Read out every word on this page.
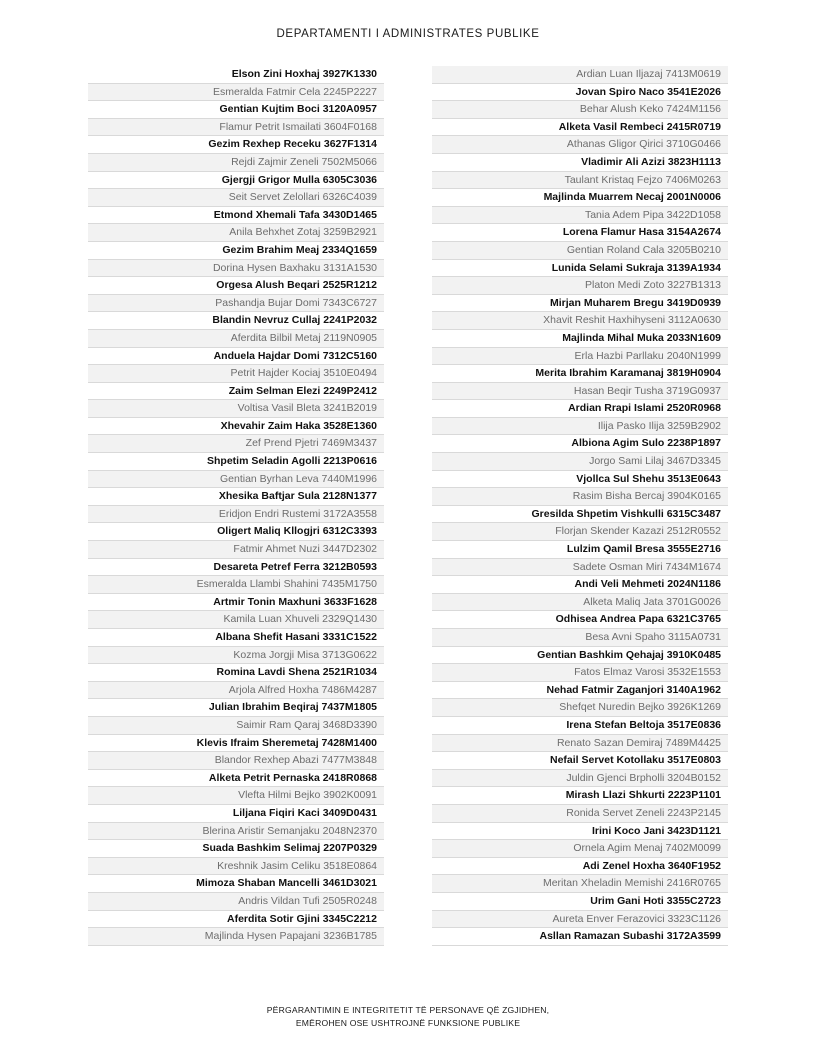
DEPARTAMENTI I ADMINISTRATES PUBLIKE
Elson Zini Hoxhaj 3927K1330
Esmeralda Fatmir Cela 2245P2227
Gentian Kujtim Boci 3120A0957
Flamur Petrit Ismailati 3604F0168
Gezim Rexhep Receku 3627F1314
Rejdi Zajmir Zeneli 7502M5066
Gjergji Grigor Mulla 6305C3036
Seit Servet Zelollari 6326C4039
Etmond Xhemali Tafa 3430D1465
Anila Behxhet Zotaj 3259B2921
Gezim Brahim Meaj 2334Q1659
Dorina Hysen Baxhaku 3131A1530
Orgesa Alush Beqari 2525R1212
Pashandja Bujar Domi 7343C6727
Blandin Nevruz Cullaj 2241P2032
Aferdita Bilbil Metaj 2119N0905
Anduela Hajdar Domi 7312C5160
Petrit Hajder Kociaj 3510E0494
Zaim Selman Elezi 2249P2412
Voltisa Vasil Bleta 3241B2019
Xhevahir Zaim Haka 3528E1360
Zef Prend Pjetri 7469M3437
Shpetim Seladin Agolli 2213P0616
Gentian Byrhan Leva 7440M1996
Xhesika Baftjar Sula 2128N1377
Eridjon Endri Rustemi 3172A3558
Oligert Maliq Kllogjri 6312C3393
Fatmir Ahmet Nuzi 3447D2302
Desareta Petref Ferra 3212B0593
Esmeralda Llambi Shahini 7435M1750
Artmir Tonin Maxhuni 3633F1628
Kamila Luan Xhuveli 2329Q1430
Albana Shefit Hasani 3331C1522
Kozma Jorgji Misa 3713G0622
Romina Lavdi Shena 2521R1034
Arjola Alfred Hoxha 7486M4287
Julian Ibrahim Beqiraj 7437M1805
Saimir Ram Qaraj 3468D3390
Klevis Ifraim Sheremetaj 7428M1400
Blandor Rexhep Abazi 7477M3848
Alketa Petrit Pernaska 2418R0868
Vlefta Hilmi Bejko 3902K0091
Liljana Fiqiri Kaci 3409D0431
Blerina Aristir Semanjaku 2048N2370
Suada Bashkim Selimaj 2207P0329
Kreshnik Jasim Celiku 3518E0864
Mimoza Shaban Mancelli 3461D3021
Andris Vildan Tufi 2505R0248
Aferdita Sotir Gjini 3345C2212
Majlinda Hysen Papajani 3236B1785
Ardian Luan Iljazaj 7413M0619
Jovan Spiro Naco 3541E2026
Behar Alush Keko 7424M1156
Alketa Vasil Rembeci 2415R0719
Athanas Gligor Qirici 3710G0466
Vladimir Ali Azizi 3823H1113
Taulant Kristaq Fejzo 7406M0263
Majlinda Muarrem Necaj 2001N0006
Tania Adem Pipa 3422D1058
Lorena Flamur Hasa 3154A2674
Gentian Roland Cala 3205B0210
Lunida Selami Sukraja 3139A1934
Platon Medi Zoto 3227B1313
Mirjan Muharem Bregu 3419D0939
Xhavit Reshit Haxhihyseni 3112A0630
Majlinda Mihal Muka 2033N1609
Erla Hazbi Parllaku 2040N1999
Merita Ibrahim Karamanaj 3819H0904
Hasan Beqir Tusha 3719G0937
Ardian Rrapi Islami 2520R0968
Ilija Pasko Ilija 3259B2902
Albiona Agim Sulo 2238P1897
Jorgo Sami Lilaj 3467D3345
Vjollca Sul Shehu 3513E0643
Rasim Bisha Bercaj 3904K0165
Gresilda Shpetim Vishkulli 6315C3487
Florjan Skender Kazazi 2512R0552
Lulzim Qamil Bresa 3555E2716
Sadete Osman Miri 7434M1674
Andi Veli Mehmeti 2024N1186
Alketa Maliq Jata 3701G0026
Odhisea Andrea Papa 6321C3765
Besa Avni Spaho 3115A0731
Gentian Bashkim Qehajaj 3910K0485
Fatos Elmaz Varosi 3532E1553
Nehad Fatmir Zaganjori 3140A1962
Shefqet Nuredin Bejko 3926K1269
Irena Stefan Beltoja 3517E0836
Renato Sazan Demiraj 7489M4425
Nefail Servet Kotollaku 3517E0803
Juldin Gjenci Brpholli 3204B0152
Mirash Llazi Shkurti 2223P1101
Ronida Servet Zeneli 2243P2145
Irini Koco Jani 3423D1121
Ornela Agim Menaj 7402M0099
Adi Zenel Hoxha 3640F1952
Meritan Xheladin Memishi 2416R0765
Urim Gani Hoti 3355C2723
Aureta Enver Ferazovici 3323C1126
Asllan Ramazan Subashi 3172A3599
PËRGARANTIMIN E INTEGRITETIT TË PERSONAVE QË ZGJIDHEN,
EMËROHEN OSE USHTROJNË FUNKSIONE PUBLIKE
